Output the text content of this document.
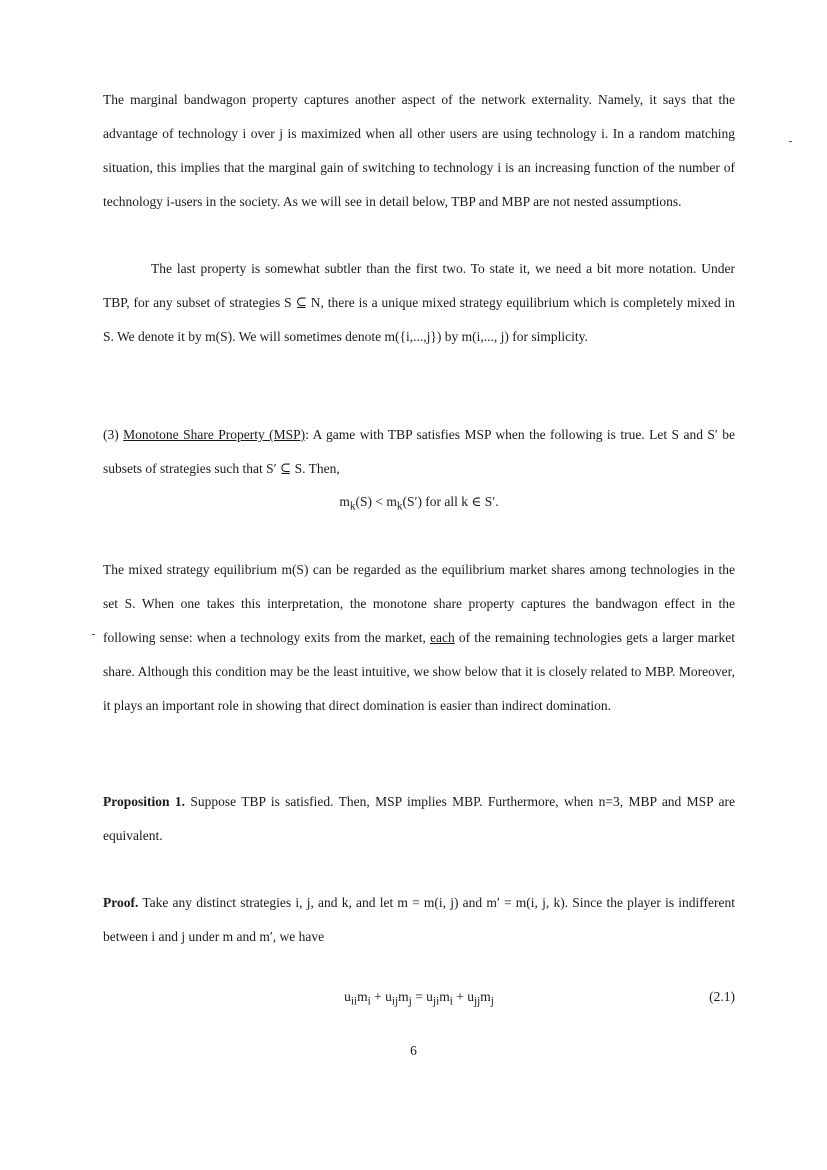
The marginal bandwagon property captures another aspect of the network externality. Namely, it says that the advantage of technology i over j is maximized when all other users are using technology i. In a random matching situation, this implies that the marginal gain of switching to technology i is an increasing function of the number of technology i-users in the society. As we will see in detail below, TBP and MBP are not nested assumptions.

The last property is somewhat subtler than the first two. To state it, we need a bit more notation. Under TBP, for any subset of strategies S ⊆ N, there is a unique mixed strategy equilibrium which is completely mixed in S. We denote it by m(S). We will sometimes denote m({i,...,j}) by m(i,..., j) for simplicity.

(3) Monotone Share Property (MSP): A game with TBP satisfies MSP when the following is true. Let S and S′ be subsets of strategies such that S′ ⊆ S. Then,

$m_k(S) < m_k(S')$ for all k ∈ S′.

The mixed strategy equilibrium m(S) can be regarded as the equilibrium market shares among technologies in the set S. When one takes this interpretation, the monotone share property captures the bandwagon effect in the following sense: when a technology exits from the market, each of the remaining technologies gets a larger market share. Although this condition may be the least intuitive, we show below that it is closely related to MBP. Moreover, it plays an important role in showing that direct domination is easier than indirect domination.

Proposition 1. Suppose TBP is satisfied. Then, MSP implies MBP. Furthermore, when n=3, MBP and MSP are equivalent.

Proof. Take any distinct strategies i, j, and k, and let m = m(i, j) and m′ = m(i, j, k). Since the player is indifferent between i and j under m and m′, we have

$u_{ii}m_i + u_{ij}m_j = u_{ji}m_i + u_{jj}m_j$	(2.1)
6
